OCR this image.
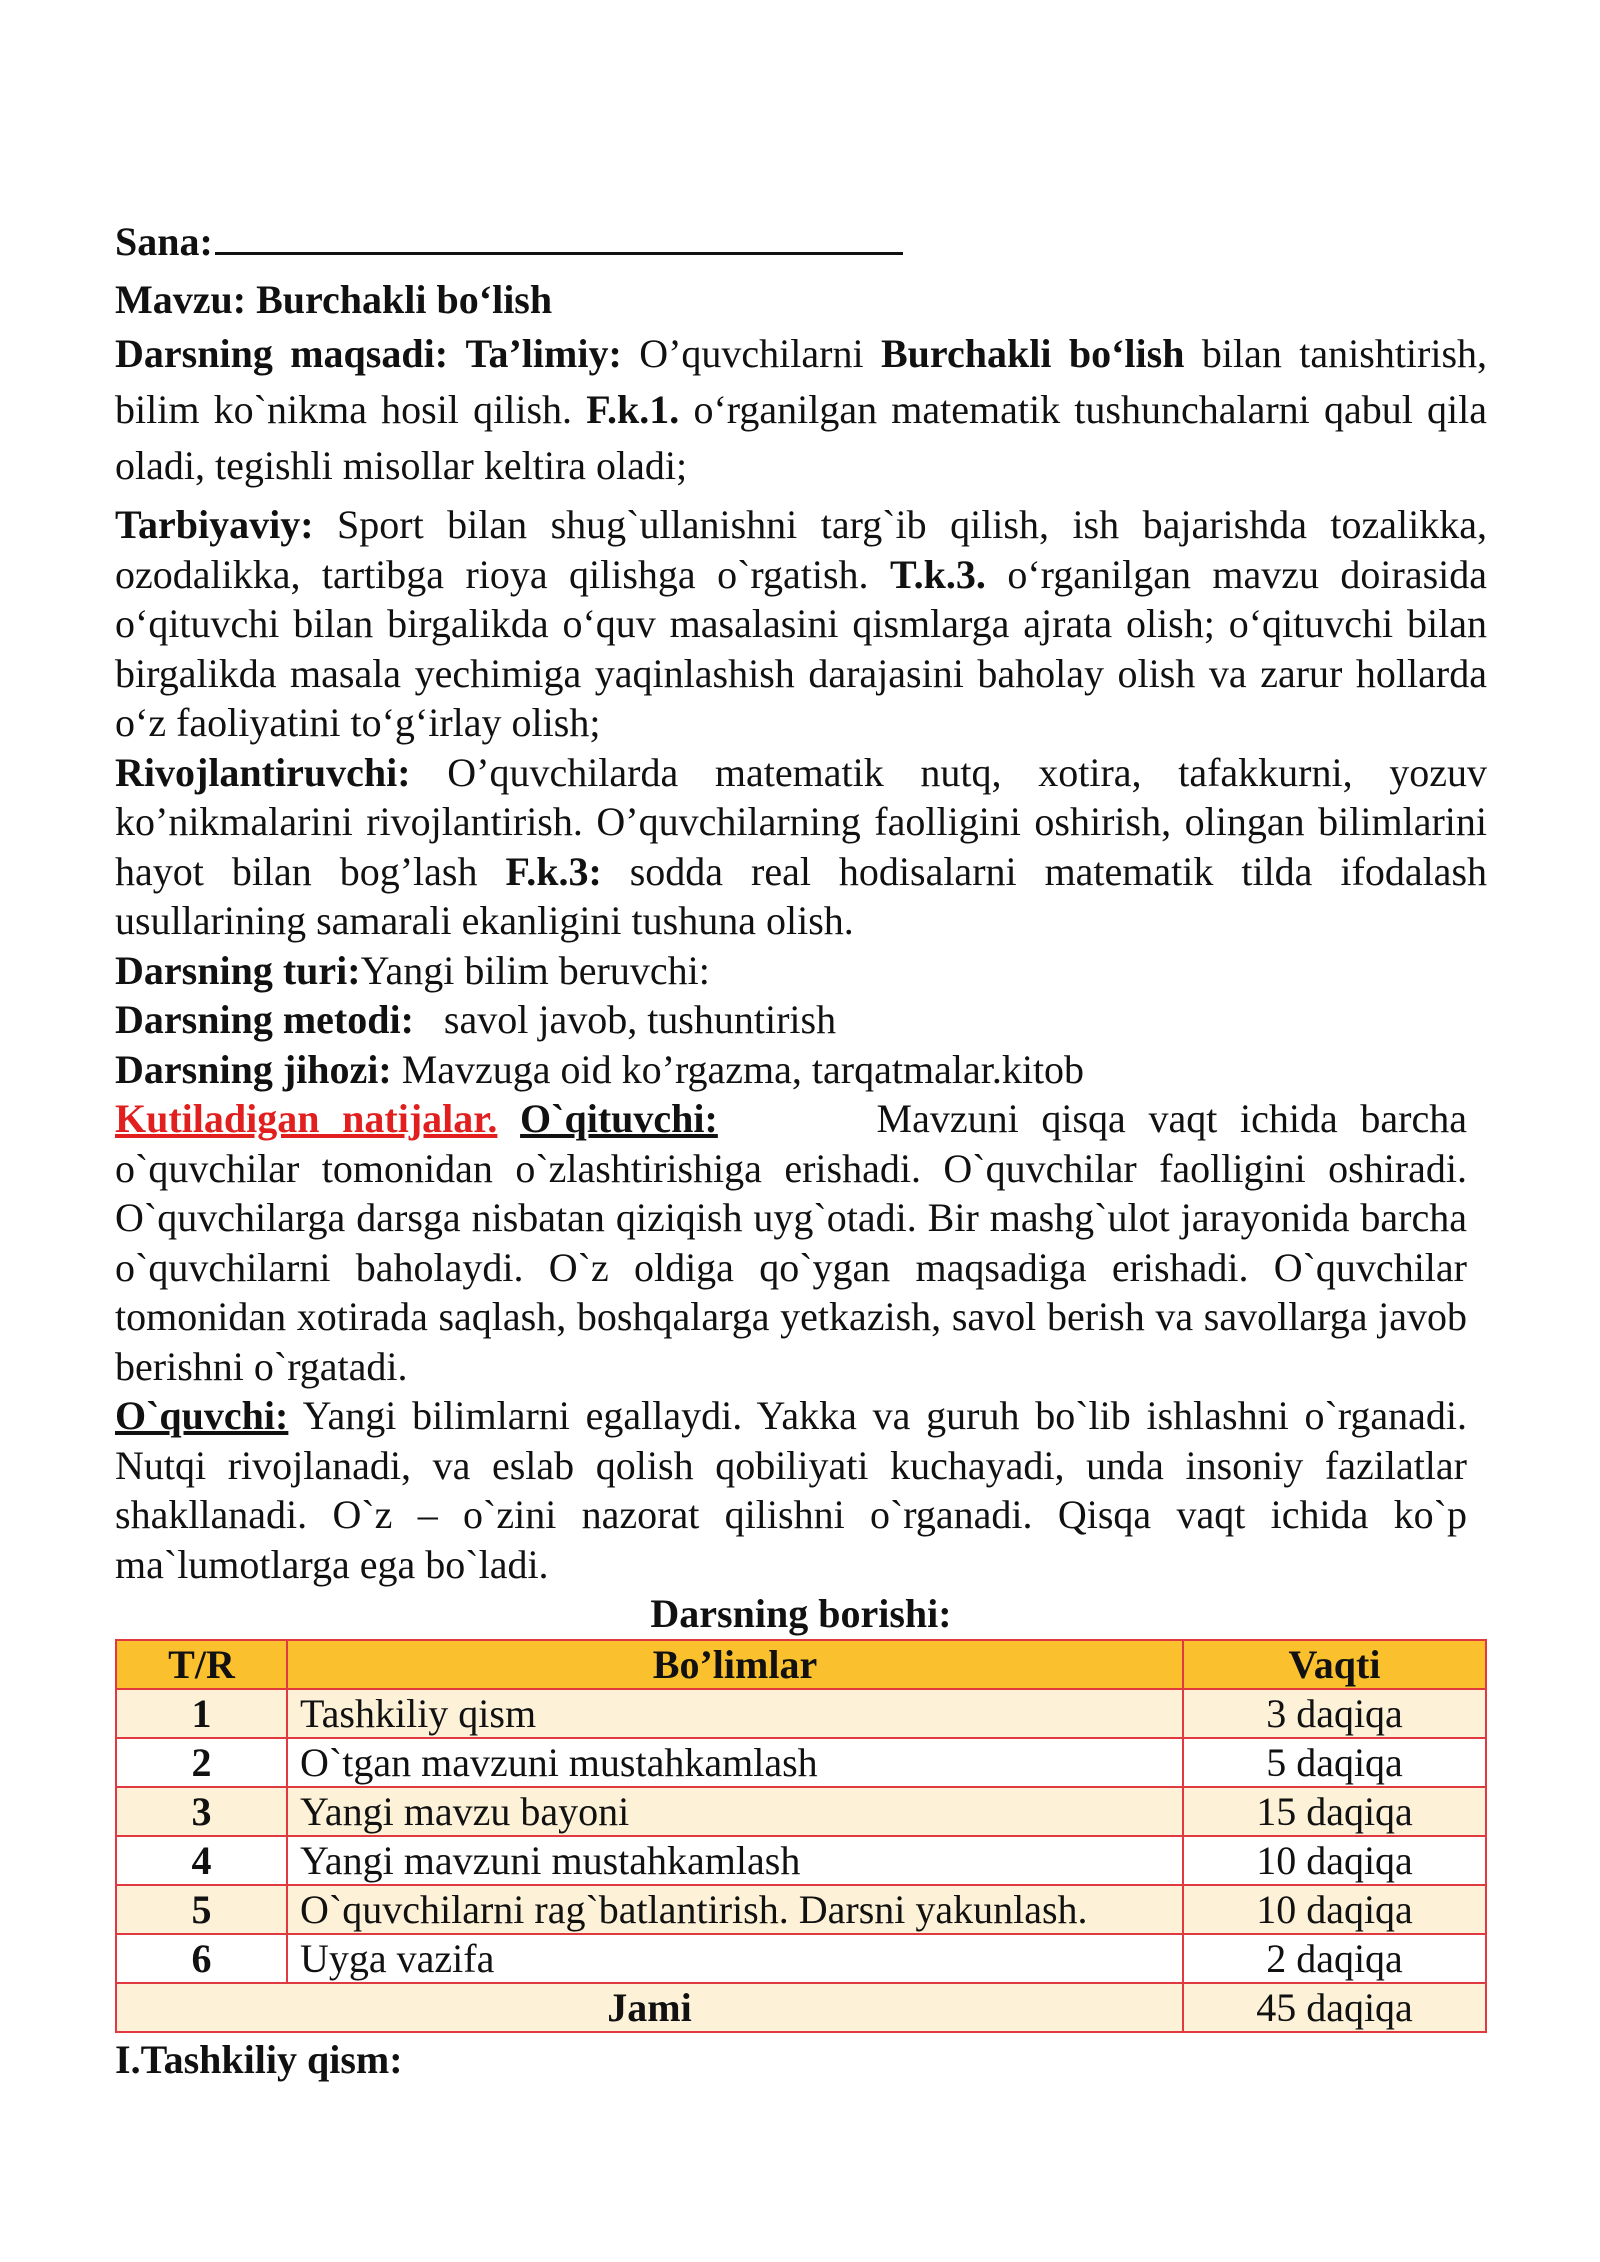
Sana:

Mavzu: Burchakli bo‘lish

Darsning maqsadi: Ta’limiy: O’quvchilarni Burchakli bo‘lish bilan tanishtirish, bilim ko`nikma hosil qilish. F.k.1. o‘rganilgan matematik tushunchalarni qabul qila oladi, tegishli misollar keltira oladi;

Tarbiyaviy: Sport bilan shug`ullanishni targ`ib qilish, ish bajarishda tozalikka, ozodalikka, tartibga rioya qilishga o`rgatish. T.k.3. o‘rganilgan mavzu doirasida o‘qituvchi bilan birgalikda o‘quv masalasini qismlarga ajrata olish; o‘qituvchi bilan birgalikda masala yechimiga yaqinlashish darajasini baholay olish va zarur hollarda o‘z faoliyatini to‘g‘irlay olish;

Rivojlantiruvchi: O’quvchilarda matematik nutq, xotira, tafakkurni, yozuv ko’nikmalarini rivojlantirish. O’quvchilarning faolligini oshirish, olingan bilimlarini hayot bilan bog’lash F.k.3: sodda real hodisalarni matematik tilda ifodalash usullarining samarali ekanligini tushuna olish.

Darsning turi:Yangi bilim beruvchi:

Darsning metodi: savol javob, tushuntirish

Darsning jihozi: Mavzuga oid ko’rgazma, tarqatmalar.kitob

Kutiladigan natijalar. O`qituvchi:	Mavzuni qisqa vaqt ichida barcha o`quvchilar tomonidan o`zlashtirishiga erishadi. O`quvchilar faolligini oshiradi. O`quvchilarga darsga nisbatan qiziqish uyg`otadi. Bir mashg`ulot jarayonida barcha o`quvchilarni baholaydi. O`z oldiga qo`ygan maqsadiga erishadi. O`quvchilar tomonidan xotirada saqlash, boshqalarga yetkazish, savol berish va savollarga javob berishni o`rgatadi.

O`quvchi: Yangi bilimlarni egallaydi. Yakka va guruh bo`lib ishlashni o`rganadi. Nutqi rivojlanadi, va eslab qolish qobiliyati kuchayadi, unda insoniy fazilatlar shakllanadi. O`z – o`zini nazorat qilishni o`rganadi. Qisqa vaqt ichida ko`p ma`lumotlarga ega bo`ladi.

Darsning borishi:

T/R	Bo’limlar	Vaqti
1	Tashkiliy qism	3 daqiqa
2	O`tgan mavzuni mustahkamlash	5 daqiqa
3	Yangi mavzu bayoni	15 daqiqa
4	Yangi mavzuni mustahkamlash	10 daqiqa
5	O`quvchilarni rag`batlantirish. Darsni yakunlash.	10 daqiqa
6	Uyga vazifa	2 daqiqa
Jami		45 daqiqa

I.Tashkiliy qism:
